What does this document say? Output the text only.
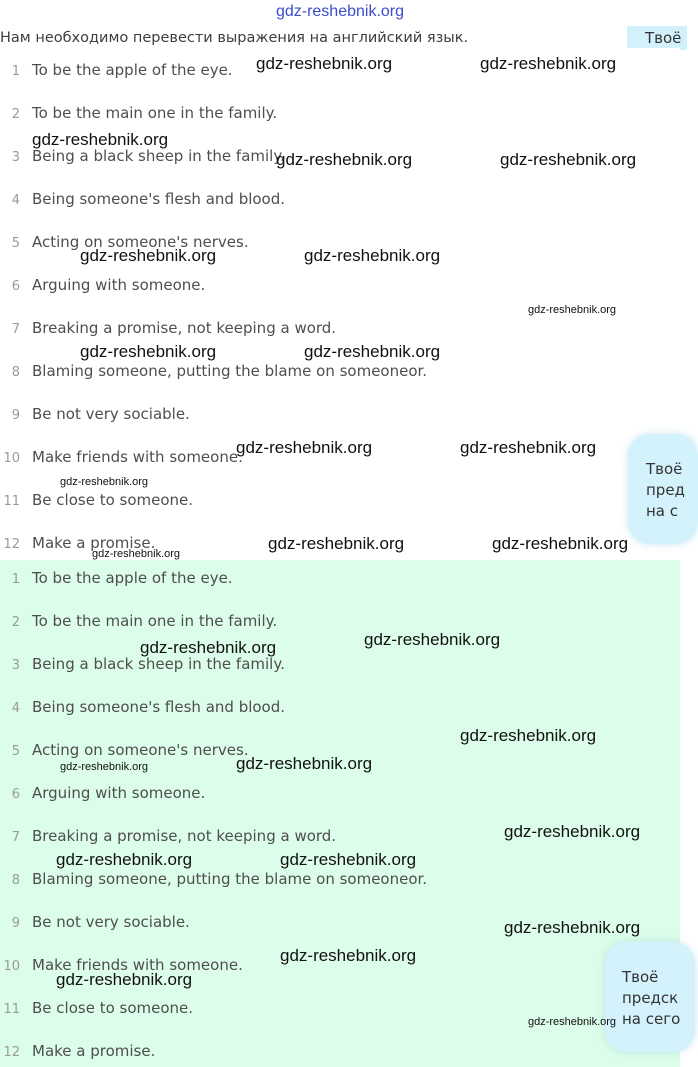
gdz-reshebnik.org
Нам необходимо перевести выражения на английский язык.	Твоё
1 To be the apple of the eye.
2 To be the main one in the family.
3 Being a black sheep in the family.
4 Being someone's flesh and blood.
5 Acting on someone's nerves.
6 Arguing with someone.
7 Breaking a promise, not keeping a word.
8 Blaming someone, putting the blame on someoneor.
9 Be not very sociable.
10 Make friends with someone.
11 Be close to someone.
12 Make a promise.
1 To be the apple of the eye.
2 To be the main one in the family.
3 Being a black sheep in the family.
4 Being someone's flesh and blood.
5 Acting on someone's nerves.
6 Arguing with someone.
7 Breaking a promise, not keeping a word.
8 Blaming someone, putting the blame on someoneor.
9 Be not very sociable.
10 Make friends with someone.
11 Be close to someone.
12 Make a promise.
Твоё
пред
на с
Твоё
предск
на сего
gdz-reshebnik.org	gdz-reshebnik.org
gdz-reshebnik.org
gdz-reshebnik.org	gdz-reshebnik.org
gdz-reshebnik.org	gdz-reshebnik.org
gdz-reshebnik.org
gdz-reshebnik.org	gdz-reshebnik.org
gdz-reshebnik.org	gdz-reshebnik.org
gdz-reshebnik.org
gdz-reshebnik.org	gdz-reshebnik.org
gdz-reshebnik.org
gdz-reshebnik.org
gdz-reshebnik.org
gdz-reshebnik.org
gdz-reshebnik.org	gdz-reshebnik.org
gdz-reshebnik.org
gdz-reshebnik.org	gdz-reshebnik.org
gdz-reshebnik.org
gdz-reshebnik.org
gdz-reshebnik.org
gdz-reshebnik.org
